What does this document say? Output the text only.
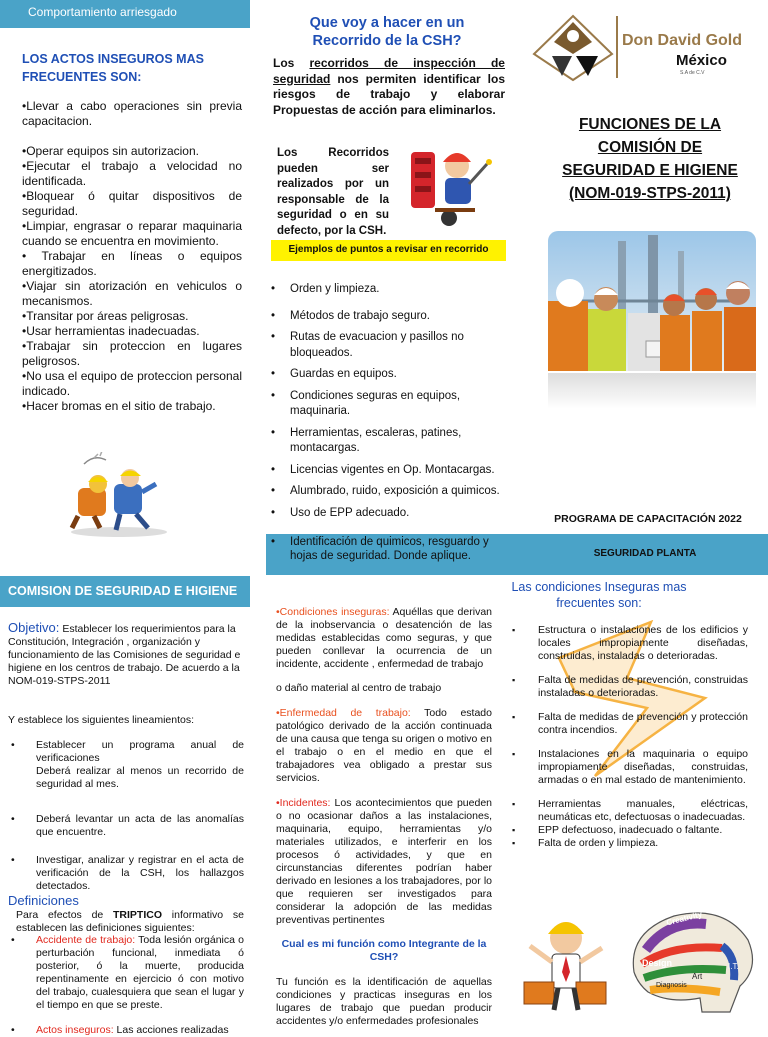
Comportamiento arriesgado
LOS ACTOS INSEGUROS MAS FRECUENTES SON:
•Llevar a cabo operaciones sin previa capacitacion.
•Operar equipos sin autorizacion.
•Ejecutar el trabajo a velocidad no identificada.
•Bloquear ó quitar dispositivos de seguridad.
•Limpiar, engrasar o reparar maquinaria cuando se encuentra en movimiento.
• Trabajar en líneas o equipos energitizados.
•Viajar sin atorización en vehiculos o mecanismos.
•Transitar por áreas peligrosas.
•Usar herramientas inadecuadas.
•Trabajar sin proteccion en lugares peligrosos.
•No usa el equipo de proteccion personal indicado.
•Hacer bromas en el sitio de trabajo.
Que voy a hacer en un Recorrido de la CSH?
Los recorridos de inspección de seguridad nos permiten identificar los riesgos de trabajo y elaborar Propuestas de acción para eliminarlos.
Los Recorridos pueden ser realizados por un responsable de la seguridad o en su defecto, por la CSH.
Ejemplos de puntos a revisar en recorrido
• Orden y limpieza.
• Métodos de trabajo seguro.
• Rutas de evacuacion y pasillos no bloqueados.
• Guardas en equipos.
• Condiciones seguras en equipos, maquinaria.
• Herramientas, escaleras, patines, montacargas.
• Licencias vigentes en Op. Montacargas.
• Alumbrado, ruido, exposición a quimicos.
• Uso de EPP adecuado.
• Identificación de quimicos, resguardo y hojas de seguridad. Donde aplique.
Don David Gold
México
S.A de C.V
FUNCIONES DE LA COMISIÓN DE SEGURIDAD E HIGIENE (NOM-019-STPS-2011)
PROGRAMA DE CAPACITACIÓN 2022
SEGURIDAD PLANTA
COMISION DE SEGURIDAD E HIGIENE
Objetivo: Establecer los requerimientos para la Constitución, Integración , organización y funcionamiento de las Comisiones de seguridad e higiene en los centros de trabajo. De acuerdo a la NOM-019-STPS-2011
Y establece los siguientes lineamientos:
• Establecer un programa anual de verificaciones
Deberá realizar al menos un recorrido de seguridad al mes.
• Deberá levantar un acta de las anomalías que encuentre.
• Investigar, analizar y registrar en el acta de verificación de la CSH, los hallazgos detectados.
Definiciones
Para efectos de TRIPTICO informativo se establecen las definiciones siguientes:
• Accidente de trabajo: Toda lesión orgánica o perturbación funcional, inmediata ó posterior, ó la muerte, producida repentinamente en ejercicio ó con motivo del trabajo, cualesquiera que sean el lugar y el tiempo en que se preste.
• Actos inseguros: Las acciones realizadas
•Condiciones inseguras: Aquéllas que derivan de la inobservancia o desatención de las medidas establecidas como seguras, y que pueden conllevar la ocurrencia de un incidente, accidente , enfermedad de trabajo
o daño material al centro de trabajo
•Enfermedad de trabajo: Todo estado patológico derivado de la acción continuada de una causa que tenga su origen o motivo en el trabajo o en el medio en que el trabajadores vea obligado a prestar sus servicios.
•Incidentes: Los acontecimientos que pueden o no ocasionar daños a las instalaciones, maquinaria, equipo, herramientas y/o materiales utilizados, e interferir en los procesos ó actividades, y que en circunstancias diferentes podrían haber derivado en lesiones a los trabajadores, por lo que requieren ser investigados para considerar la adopción de las medidas preventivas pertinentes
Cual es mi función como Integrante de la CSH?
Tu función es la identificación de aquellas condiciones y practicas inseguras en los lugares de trabajo que puedan producir accidentes y/o enfermedades profesionales
Las condiciones Inseguras mas frecuentes son:
▪ Estructura o instalaciones de los edificios y locales impropiamente diseñadas, construidas, instaladas o deterioradas.
▪ Falta de medidas de prevención, construidas instaladas o deterioradas.
▪ Falta de medidas de prevención y protección contra incendios.
▪ Instalaciones en la maquinaria o equipo impropiamente diseñadas, construidas, armadas o en mal estado de mantenimiento.
▪ Herramientas manuales, eléctricas, neumáticas etc, defectuosas o inadecuadas.
▪ EPP defectuoso, inadecuado o faltante.
▪ Falta de orden y limpieza.
Creativity
Design
Art
I.T.
Diagnosis
